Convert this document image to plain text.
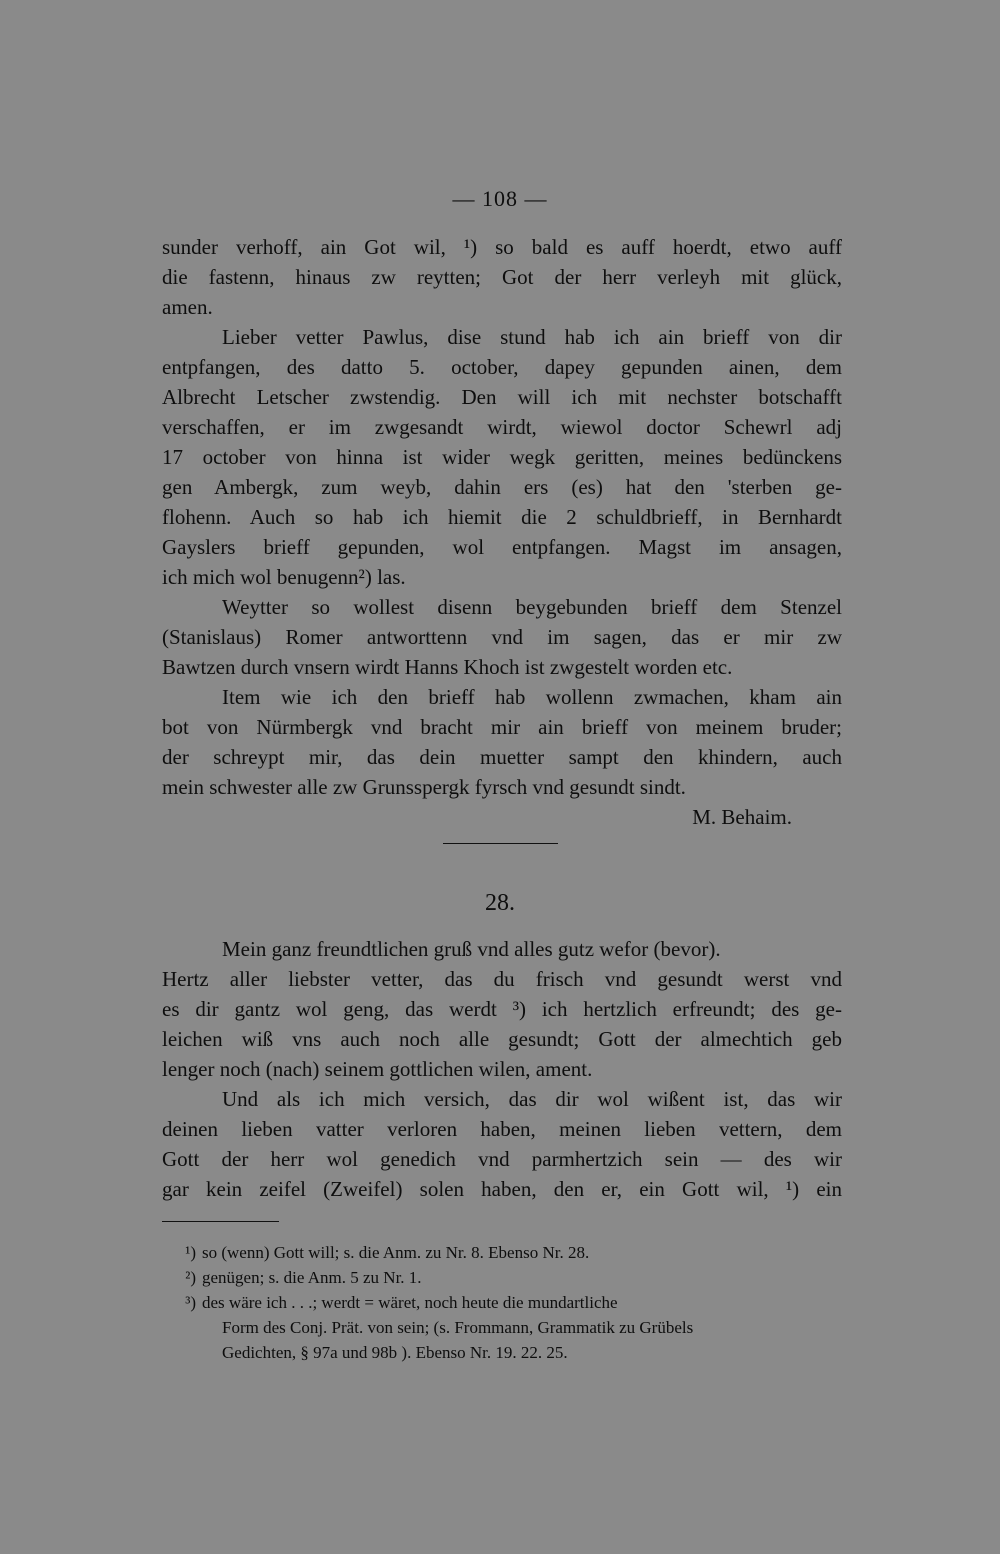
— 108 —
sunder verhoff, ain Got wil, ¹) so bald es auff hoerdt, etwo auff
die fastenn, hinaus zw reytten; Got der herr verleyh mit glück,
amen.
Lieber vetter Pawlus, dise stund hab ich ain brieff von dir
entpfangen, des datto 5. october, dapey gepunden ainen, dem
Albrecht Letscher zwstendig. Den will ich mit nechster botschafft
verschaffen, er im zwgesandt wirdt, wiewol doctor Schewrl adj
17 october von hinna ist wider wegk geritten, meines bedünckens
gen Ambergk, zum weyb, dahin ers (es) hat den 'sterben ge-
flohenn. Auch so hab ich hiemit die 2 schuldbrieff, in Bernhardt
Gayslers brieff gepunden, wol entpfangen. Magst im ansagen,
ich mich wol benugenn²) las.
Weytter so wollest disenn beygebunden brieff dem Stenzel
(Stanislaus) Romer antworttenn vnd im sagen, das er mir zw
Bawtzen durch vnsern wirdt Hanns Khoch ist zwgestelt worden etc.
Item wie ich den brieff hab wollenn zwmachen, kham ain
bot von Nürmbergk vnd bracht mir ain brieff von meinem bruder;
der schreypt mir, das dein muetter sampt den khindern, auch
mein schwester alle zw Grunsspergk fyrsch vnd gesundt sindt.
M. Behaim.
28.
Mein ganz freundtlichen gruß vnd alles gutz wefor (bevor).
Hertz aller liebster vetter, das du frisch vnd gesundt werst vnd
es dir gantz wol geng, das werdt ³) ich hertzlich erfreundt; des ge-
leichen wiß vns auch noch alle gesundt; Gott der almechtich geb
lenger noch (nach) seinem gottlichen wilen, ament.
Und als ich mich versich, das dir wol wißent ist, das wir
deinen lieben vatter verloren haben, meinen lieben vettern, dem
Gott der herr wol genedich vnd parmhertzich sein — des wir
gar kein zeifel (Zweifel) solen haben, den er, ein Gott wil, ¹) ein
¹) so (wenn) Gott will; s. die Anm. zu Nr. 8. Ebenso Nr. 28.
²) genügen; s. die Anm. 5 zu Nr. 1.
³) des wäre ich . . .; werdt = wäret, noch heute die mundartliche
Form des Conj. Prät. von sein; (s. Frommann, Grammatik zu Grübels
Gedichten, § 97a und 98b ). Ebenso Nr. 19. 22. 25.
